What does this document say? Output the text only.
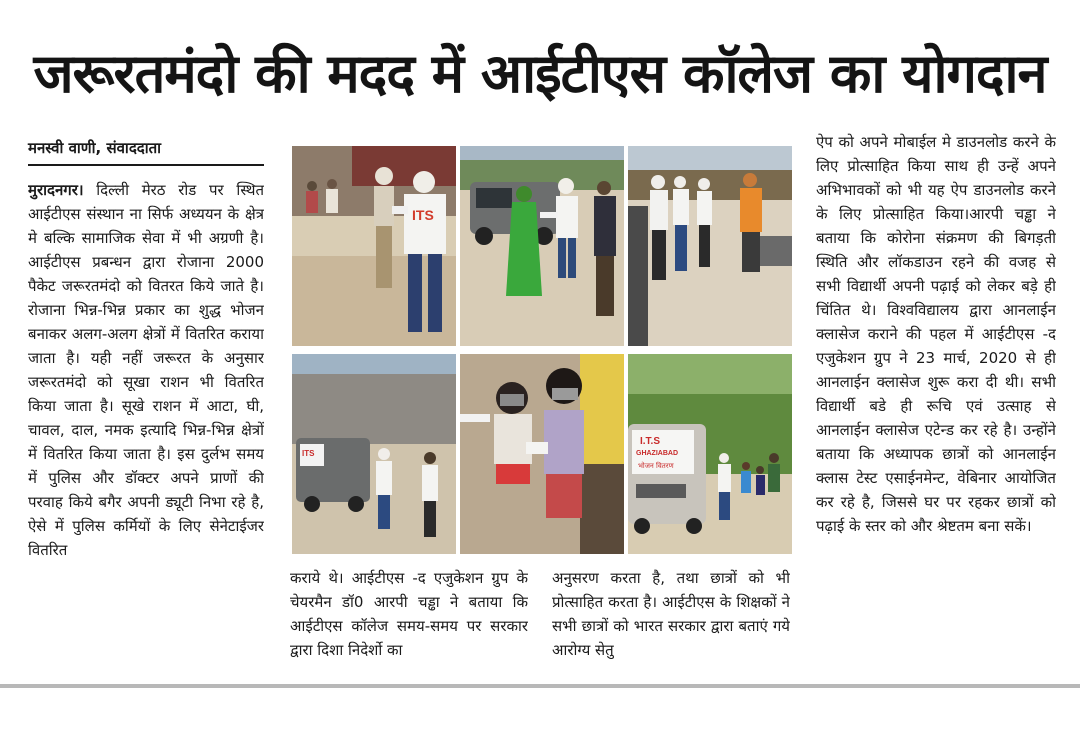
जरूरतमंदो की मदद में आईटीएस कॉलेज का योगदान
मनस्वी वाणी, संवाददाता
मुरादनगर। दिल्ली मेरठ रोड पर स्थित आईटीएस संस्थान ना सिर्फ अध्ययन के क्षेत्र मे बल्कि सामाजिक सेवा में भी अग्रणी है। आईटीएस प्रबन्धन द्वारा रोजाना 2000 पैकेट जरूरतमंदो को वितरत किये जाते है। रोजाना भिन्न-भिन्न प्रकार का शुद्ध भोजन बनाकर अलग-अलग क्षेत्रों में वितरित कराया जाता है। यही नहीं जरूरत के अनुसार जरूरतमंदो को सूखा राशन भी वितरित किया जाता है। सूखे राशन में आटा, घी, चावल, दाल, नमक इत्यादि भिन्न-भिन्न क्षेत्रों में वितरित किया जाता है। इस दुर्लभ समय में पुलिस और डॉक्टर अपने प्राणों की परवाह किये बगैर अपनी ड्यूटी निभा रहे है, ऐसे में पुलिस कर्मियों के लिए सेनेटाईजर वितरित
ITS
ITS
I.T.S
GHAZIABAD
भोजन वितरण
कराये थे। आईटीएस -द एजुकेशन ग्रुप के चेयरमैन डॉ0 आरपी चड्ढा ने बताया कि आईटीएस कॉलेज समय-समय पर सरकार द्वारा दिशा निदेर्शो का
अनुसरण करता है, तथा छात्रों को भी प्रोत्साहित करता है। आईटीएस के शिक्षकों ने सभी छात्रों को भारत सरकार द्वारा बताएं गये आरोग्य सेतु
ऐप को अपने मोबाईल मे डाउनलोड करने के लिए प्रोत्साहित किया साथ ही उन्हें अपने अभिभावकों को भी यह ऐप डाउनलोड करने के लिए प्रोत्साहित किया।आरपी चड्ढा ने बताया कि कोरोना संक्रमण की बिगड़ती स्थिति और लॉकडाउन रहने की वजह से सभी विद्यार्थी अपनी पढ़ाई को लेकर बड़े ही चिंतित थे। विश्वविद्यालय द्वारा आनलाईन क्लासेज कराने की पहल में आईटीएस -द एजुकेशन ग्रुप ने 23 मार्च, 2020 से ही आनलाईन क्लासेज शुरू करा दी थी। सभी विद्यार्थी बडे ही रूचि एवं उत्साह से आनलाईन क्लासेज एटेन्ड कर रहे है। उन्होंने बताया कि अध्यापक छात्रों को आनलाईन क्लास टेस्ट एसाईनमेन्ट, वेबिनार आयोजित कर रहे है, जिससे घर पर रहकर छात्रों को पढ़ाई के स्तर को और श्रेष्टतम बना सकें।
